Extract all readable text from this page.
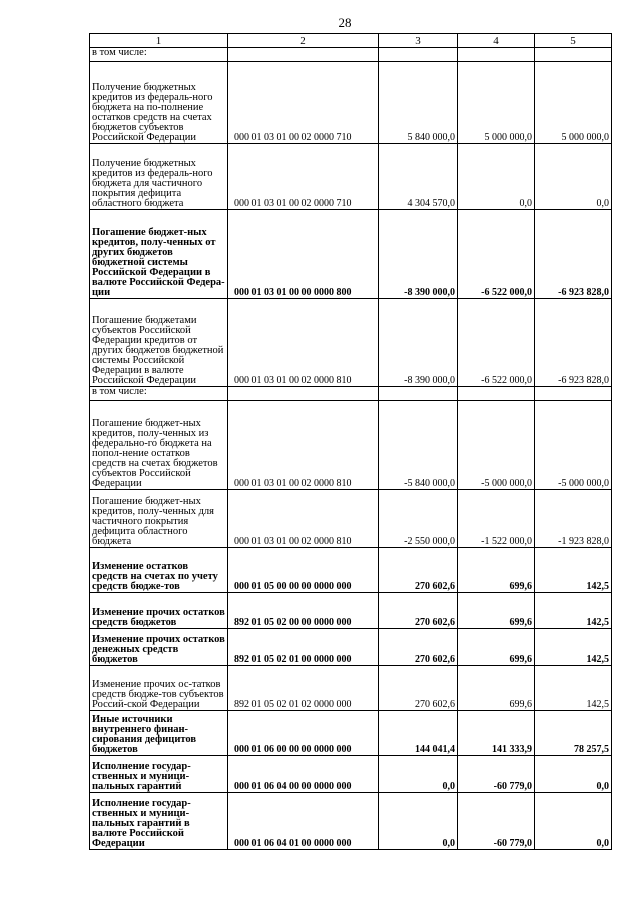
28
1	2	3	4	5
в том числе:				
Получение бюджетных кредитов из федераль-ного бюджета на по-полнение остатков средств на счетах бюджетов субъектов Российской Федерации	000 01 03 01 00 02 0000 710	5 840 000,0	5 000 000,0	5 000 000,0
Получение бюджетных кредитов из федераль-ного бюджета для частичного покрытия дефицита областного бюджета	000 01 03 01 00 02 0000 710	4 304 570,0	0,0	0,0
Погашение бюджет-ных кредитов, полу-ченных от других бюджетов бюджетной системы Российской Федерации в валюте Российской Федера-ции	000 01 03 01 00 00 0000 800	-8 390 000,0	-6 522 000,0	-6 923 828,0
Погашение бюджетами субъектов Российской Федерации кредитов от других бюджетов бюджетной системы Российской Федерации в валюте Российской Федерации	000 01 03 01 00 02 0000 810	-8 390 000,0	-6 522 000,0	-6 923 828,0
в том числе:				
Погашение бюджет-ных кредитов, полу-ченных из федерально-го бюджета на попол-нение остатков средств на счетах бюджетов субъектов Российской Федерации	000 01 03 01 00 02 0000 810	-5 840 000,0	-5 000 000,0	-5 000 000,0
Погашение бюджет-ных кредитов, полу-ченных для частичного покрытия дефицита областного бюджета	000 01 03 01 00 02 0000 810	-2 550 000,0	-1 522 000,0	-1 923 828,0
Изменение остатков средств на счетах по учету средств бюдже-тов	000 01 05 00 00 00 0000 000	270 602,6	699,6	142,5
Изменение прочих остатков средств бюджетов	892 01 05 02 00 00 0000 000	270 602,6	699,6	142,5
Изменение прочих остатков денежных средств бюджетов	892 01 05 02 01 00 0000 000	270 602,6	699,6	142,5
Изменение прочих ос-татков средств бюдже-тов субъектов Россий-ской Федерации	892 01 05 02 01 02 0000 000	270 602,6	699,6	142,5
Иные источники внутреннего финан-сирования дефицитов бюджетов	000 01 06 00 00 00 0000 000	144 041,4	141 333,9	78 257,5
Исполнение государ-ственных и муници-пальных гарантий	000 01 06 04 00 00 0000 000	0,0	-60 779,0	0,0
Исполнение государ-ственных и муници-пальных гарантий в валюте Российской Федерации	000 01 06 04 01 00 0000 000	0,0	-60 779,0	0,0
